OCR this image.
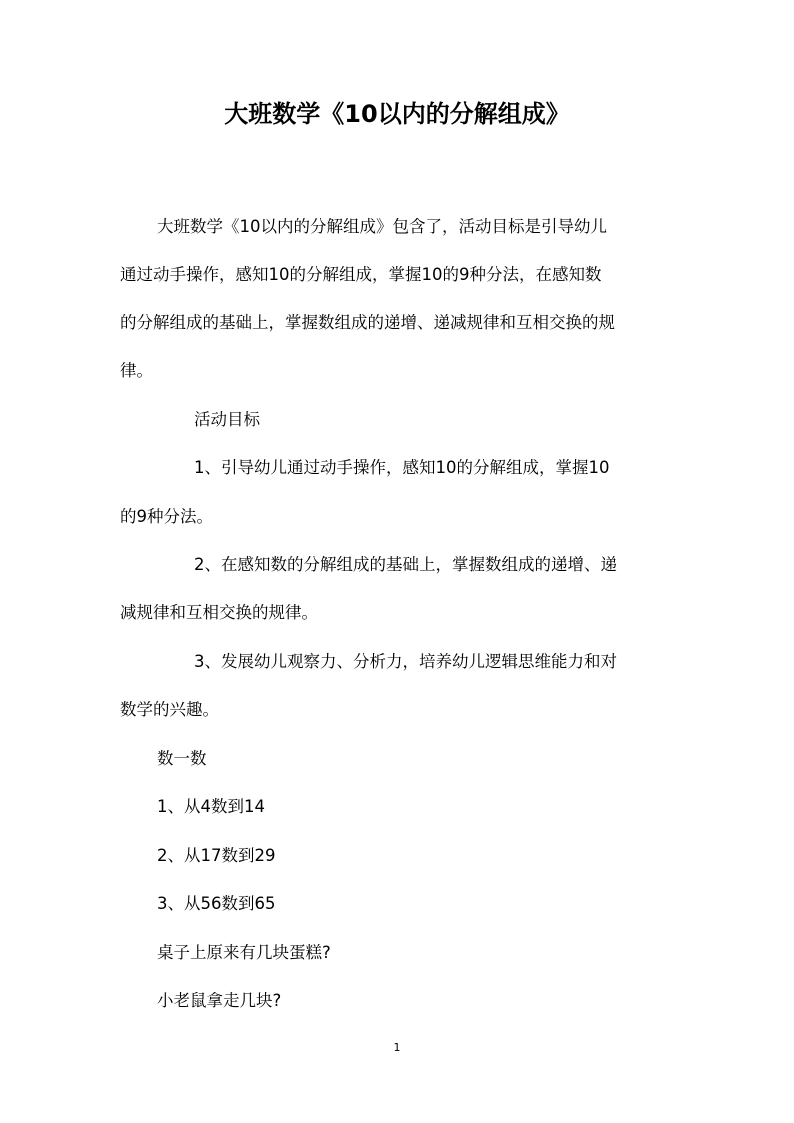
大班数学《10以内的分解组成》
大班数学《10以内的分解组成》包含了，活动目标是引导幼儿
通过动手操作，感知10的分解组成，掌握10的9种分法，在感知数
的分解组成的基础上，掌握数组成的递增、递减规律和互相交换的规
律。
活动目标
1、引导幼儿通过动手操作，感知10的分解组成，掌握10
的9种分法。
2、在感知数的分解组成的基础上，掌握数组成的递增、递
减规律和互相交换的规律。
3、发展幼儿观察力、分析力，培养幼儿逻辑思维能力和对
数学的兴趣。
数一数
1、从4数到14
2、从17数到29
3、从56数到65
桌子上原来有几块蛋糕?
小老鼠拿走几块?
1
